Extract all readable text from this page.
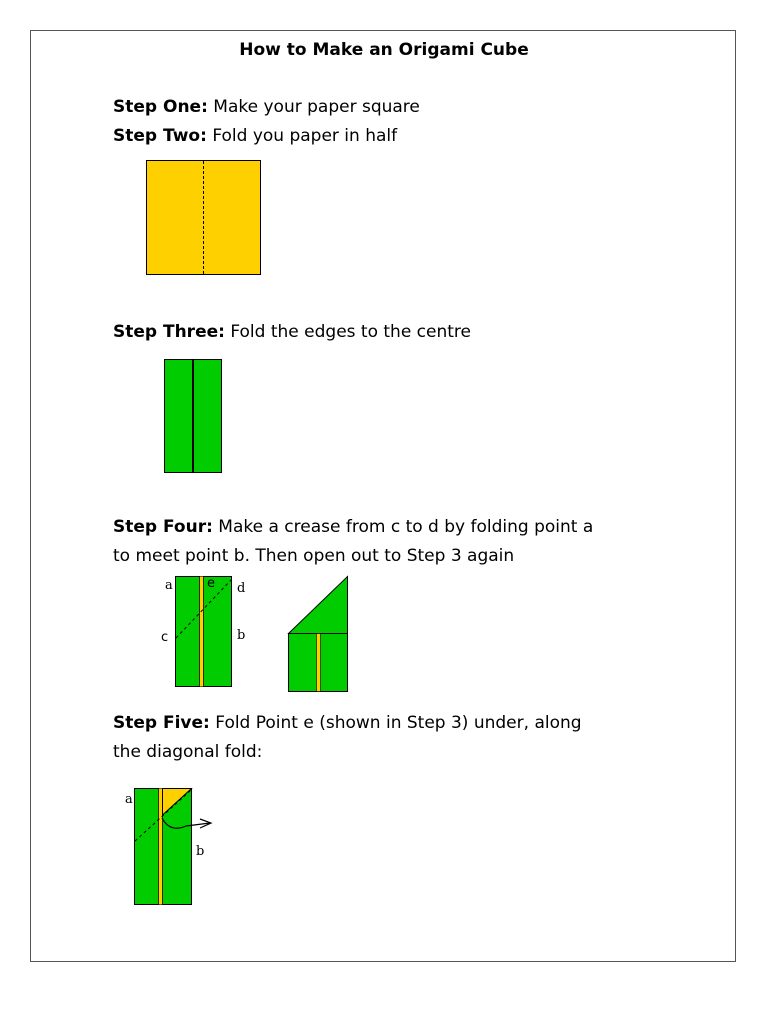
How to Make an Origami Cube
Step One: Make your paper square
Step Two: Fold you paper in half
Step Three: Fold the edges to the centre
Step Four: Make a crease from c to d by folding point a
to meet point b. Then open out to Step 3 again
a	e d
c	b
Step Five: Fold Point e (shown in Step 3) under, along
the diagonal fold:
a
b
